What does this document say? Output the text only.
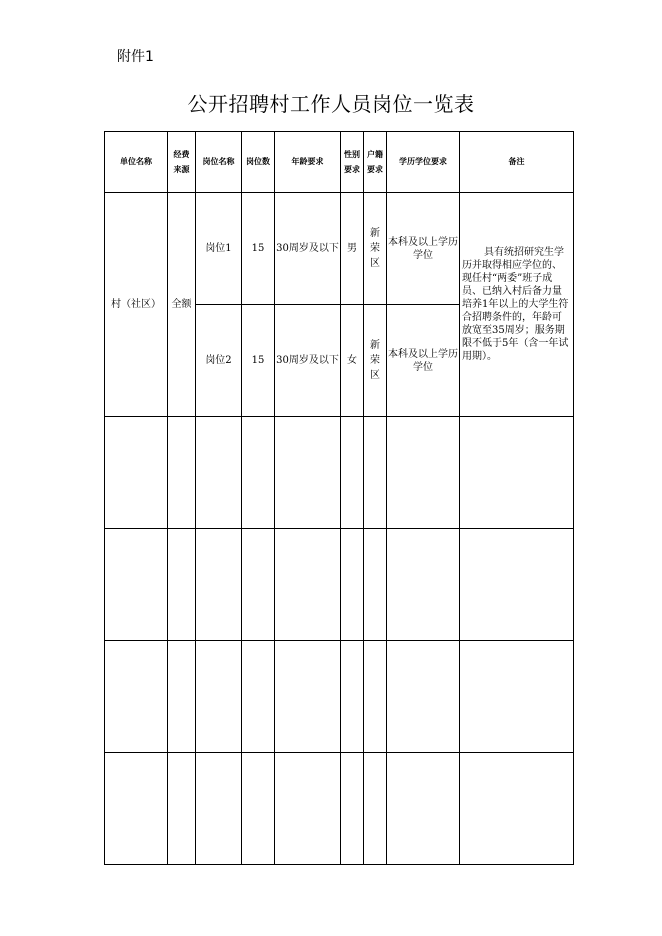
附件1
公开招聘村工作人员岗位一览表
单位名称	经费来源	岗位名称	岗位数	年龄要求	性别要求	户籍要求	学历学位要求	备注
村（社区）	全额	岗位1	15	30周岁及以下	男	新荣区	本科及以上学历学位	具有统招研究生学历并取得相应学位的、现任村“两委”班子成员、已纳入村后备力量培养1年以上的大学生符合招聘条件的，年龄可放宽至35周岁；服务期限不低于5年（含一年试用期）。
		岗位2	15	30周岁及以下	女	新荣区	本科及以上学历学位	
